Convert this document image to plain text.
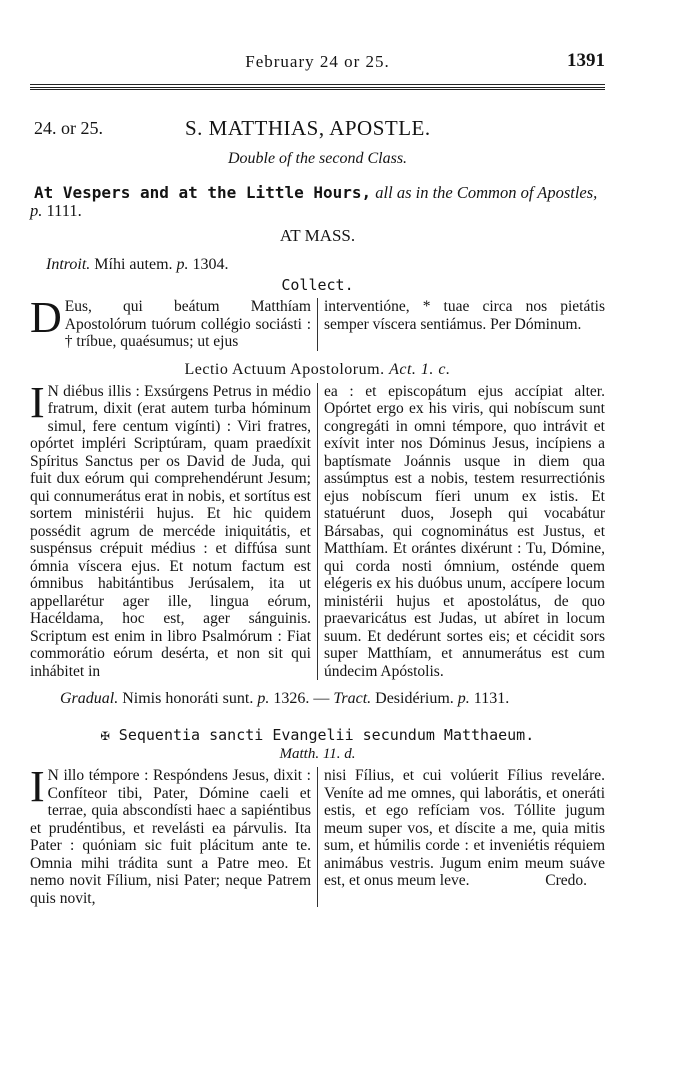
February 24 or 25.	1391
24. or 25.	S. MATTHIAS, APOSTLE.
Double of the second Class.
At Vespers and at the Little Hours, all as in the Common of Apostles, p. 1111.
AT MASS.
Introit. Míhi autem. p. 1304.
Collect.
D Eus, qui beátum Matthíam Apostolórum tuórum collégio sociásti : † tríbue, quaésumus; ut ejus
interventióne, * tuae circa nos pietátis semper víscera sentiámus. Per Dóminum.
Lectio Actuum Apostolorum. Act. 1. c.
I N diébus illis : Exsúrgens Petrus in médio fratrum, dixit (erat autem turba hóminum simul, fere centum vigínti) : Viri fratres, opórtet impléri Scriptúram, quam praedíxit Spíritus Sanctus per os David de Juda, qui fuit dux eórum qui comprehendérunt Jesum; qui connumerátus erat in nobis, et sortítus est sortem ministérii hujus. Et hic quidem possédit agrum de mercéde iniquitátis, et suspénsus crépuit médius : et diffúsa sunt ómnia víscera ejus. Et notum factum est ómnibus habitántibus Jerúsalem, ita ut appellarétur ager ille, lingua eórum, Hacéldama, hoc est, ager sánguinis. Scriptum est enim in libro Psalmórum : Fiat commorátio eórum desérta, et non sit qui inhábitet in
ea : et episcopátum ejus accípiat alter. Opórtet ergo ex his viris, qui nobíscum sunt congregáti in omni témpore, quo intrávit et exívit inter nos Dóminus Jesus, incípiens a baptísmate Joánnis usque in diem qua assúmptus est a nobis, testem resurrectiónis ejus nobíscum fíeri unum ex istis. Et statuérunt duos, Joseph qui vocabátur Bársabas, qui cognominátus est Justus, et Matthíam. Et orántes dixérunt : Tu, Dómine, qui corda nosti ómnium, osténde quem elégeris ex his duóbus unum, accípere locum ministérii hujus et apostolátus, de quo praevaricátus est Judas, ut abíret in locum suum. Et dedérunt sortes eis; et cécidit sors super Matthíam, et annumerátus est cum úndecim Apóstolis.
Gradual. Nimis honoráti sunt. p. 1326. — Tract. Desidérium. p. 1131.
✠ Sequentia sancti Evangelii secundum Matthaeum.
Matth. 11. d.
I N illo témpore : Respóndens Jesus, dixit : Confíteor tibi, Pater, Dómine caeli et terrae, quia abscondísti haec a sapiéntibus et prudéntibus, et revelásti ea párvulis. Ita Pater : quóniam sic fuit plácitum ante te. Omnia mihi trádita sunt a Patre meo. Et nemo novit Fílium, nisi Pater; neque Patrem quis novit,
nisi Fílius, et cui volúerit Fílius reveláre. Veníte ad me omnes, qui laborátis, et oneráti estis, et ego refíciam vos. Tóllite jugum meum super vos, et díscite a me, quia mitis sum, et húmilis corde : et inveniétis réquiem animábus vestris. Jugum enim meum suáve est, et onus meum leve.	Credo.
